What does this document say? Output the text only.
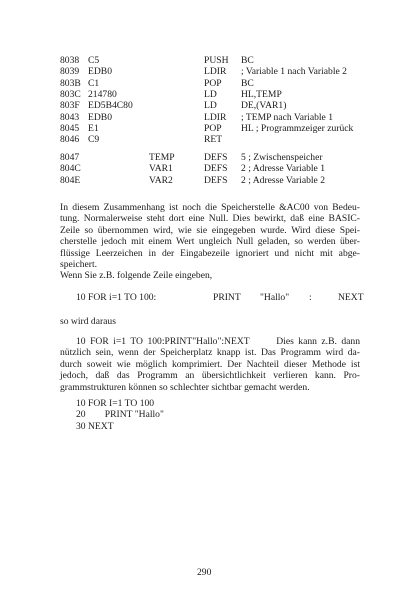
8038 C5	PUSH BC
8039 EDB0	LDIR ; Variable 1 nach Variable 2
803B C1	POP BC
803C 214780	LD	HL,TEMP
803F ED5B4C80	LD	DE,(VAR1)
8043 EDB0	LDIR ; TEMP nach Variable 1
8045 E1	POP HL ; Programmzeiger zurück
8046 C9	RET
8047	TEMP	DEFS 5 ; Zwischenspeicher
804C	VAR1	DEFS 2 ; Adresse Variable 1
804E	VAR2	DEFS 2 ; Adresse Variable 2
In diesem Zusammenhang ist noch die Speicherstelle &AC00 von Bedeu-
tung. Normalerweise steht dort eine Null. Dies bewirkt, daß eine BASIC-
Zeile so übernommen wird, wie sie eingegeben wurde. Wird diese Spei-
cherstelle jedoch mit einem Wert ungleich Null geladen, so werden über-
flüssige Leerzeichen in der Eingabezeile ignoriert und nicht mit abge-
speichert.
Wenn Sie z.B. folgende Zeile eingeben,
10 FOR i=1 TO 100:	PRINT "Hallo" :	NEXT
so wird daraus
10 FOR i=1 TO 100:PRINT"Hallo":NEXT      Dies kann z.B. dann
nützlich sein, wenn der Speicherplatz knapp ist. Das Programm wird da-
durch soweit wie möglich komprimiert. Der Nachteil dieser Methode ist
jedoch, daß das Programm an übersichtlichkeit verlieren kann. Pro-
grammstrukturen können so schlechter sichtbar gemacht werden.
10 FOR I=1 TO 100
20        PRINT "Hallo"
30 NEXT
290
